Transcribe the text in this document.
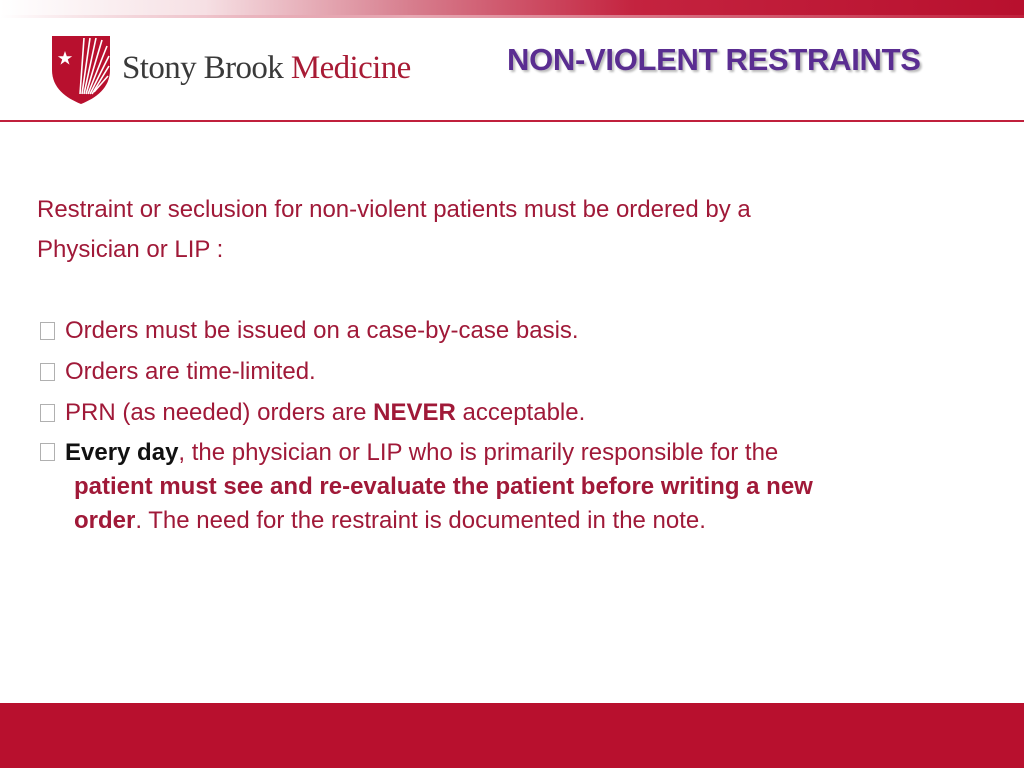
Stony Brook Medicine	NON-VIOLENT RESTRAINTS

Restraint or seclusion for non-violent patients must be ordered by a
Physician or LIP :

Orders must be issued on a case-by-case basis.
Orders are time-limited.
PRN (as needed) orders are NEVER acceptable.
Every day, the physician or LIP who is primarily responsible for the
patient must see and re-evaluate the patient before writing a new
order. The need for the restraint is documented in the note.
